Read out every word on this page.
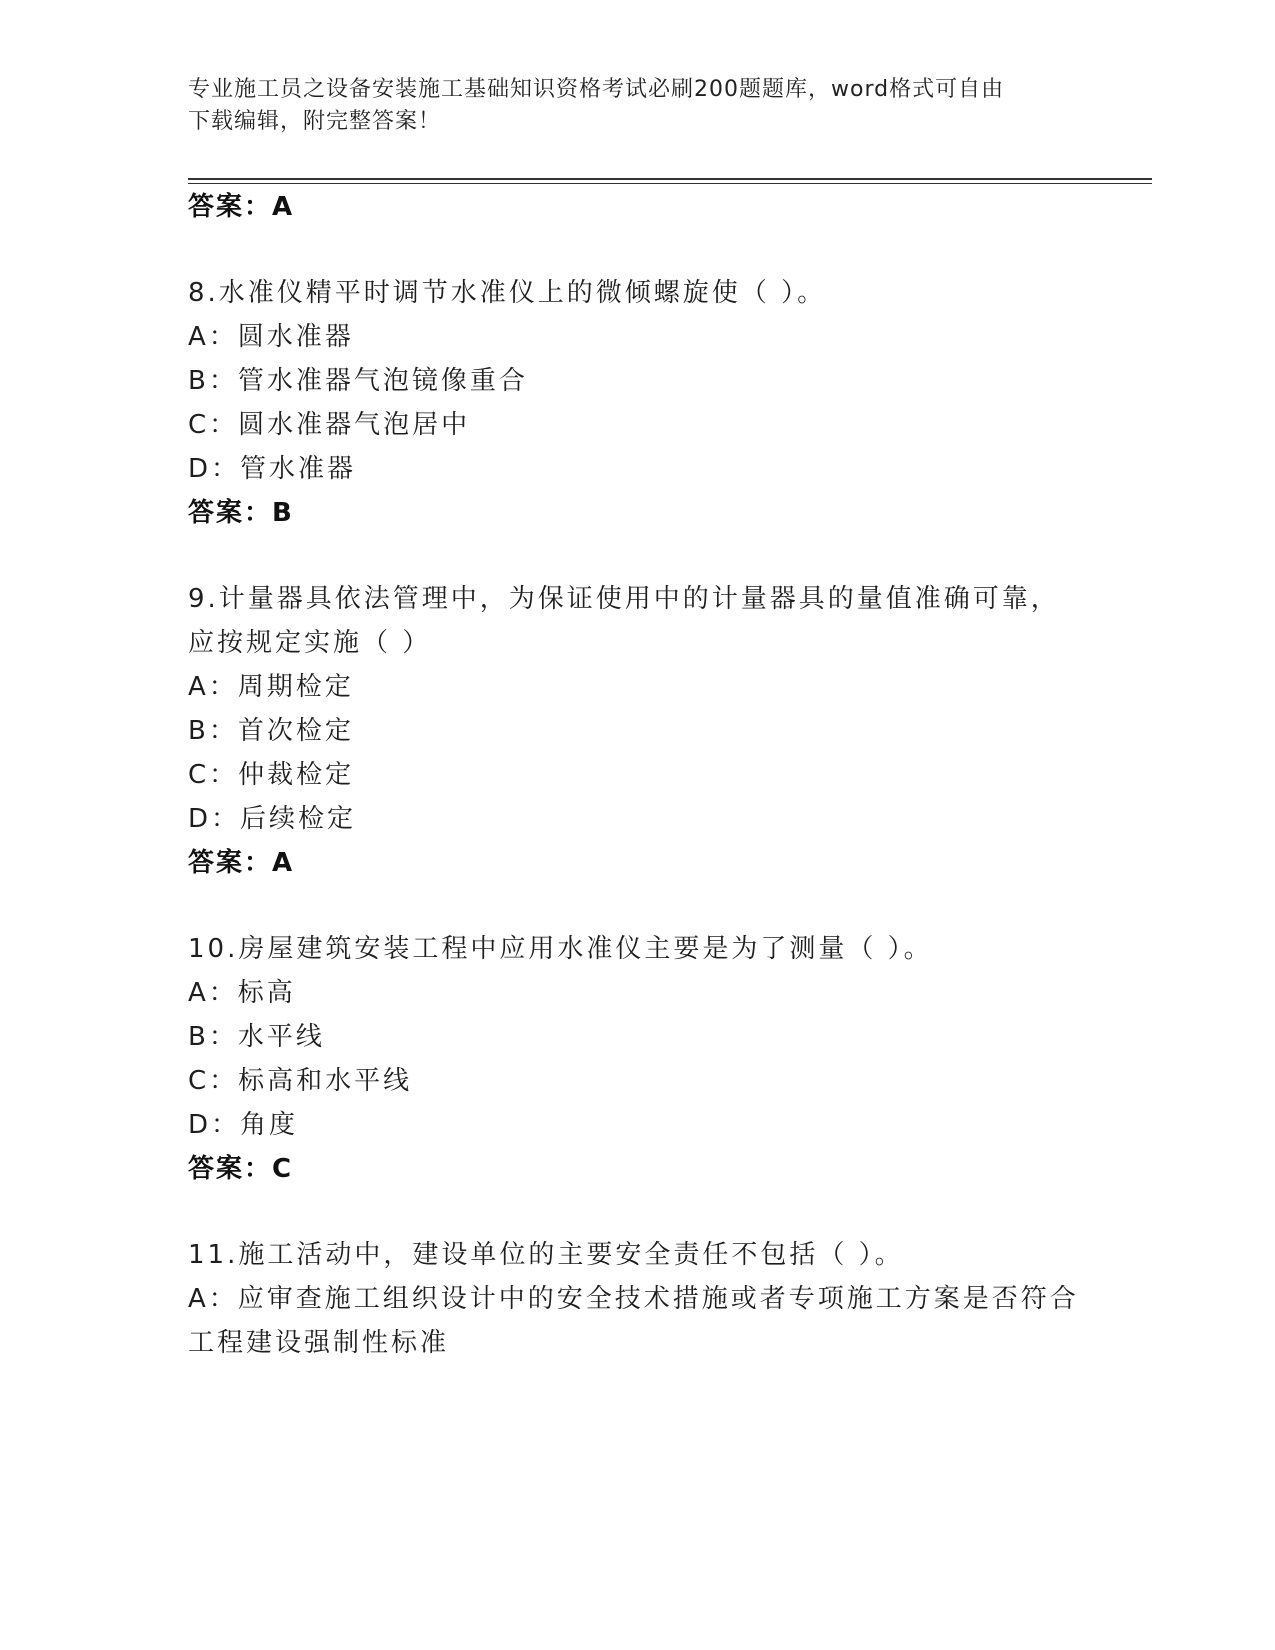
专业施工员之设备安装施工基础知识资格考试必刷200题题库，word格式可自由
下载编辑，附完整答案！
答案：A
8.水准仪精平时调节水准仪上的微倾螺旋使（ ）。
A：圆水准器
B：管水准器气泡镜像重合
C：圆水准器气泡居中
D：管水准器
答案：B
9.计量器具依法管理中，为保证使用中的计量器具的量值准确可靠，
应按规定实施（ ）
A：周期检定
B：首次检定
C：仲裁检定
D：后续检定
答案：A
10.房屋建筑安装工程中应用水准仪主要是为了测量（ ）。
A：标高
B：水平线
C：标高和水平线
D：角度
答案：C
11.施工活动中，建设单位的主要安全责任不包括（ ）。
A：应审查施工组织设计中的安全技术措施或者专项施工方案是否符合
工程建设强制性标准
